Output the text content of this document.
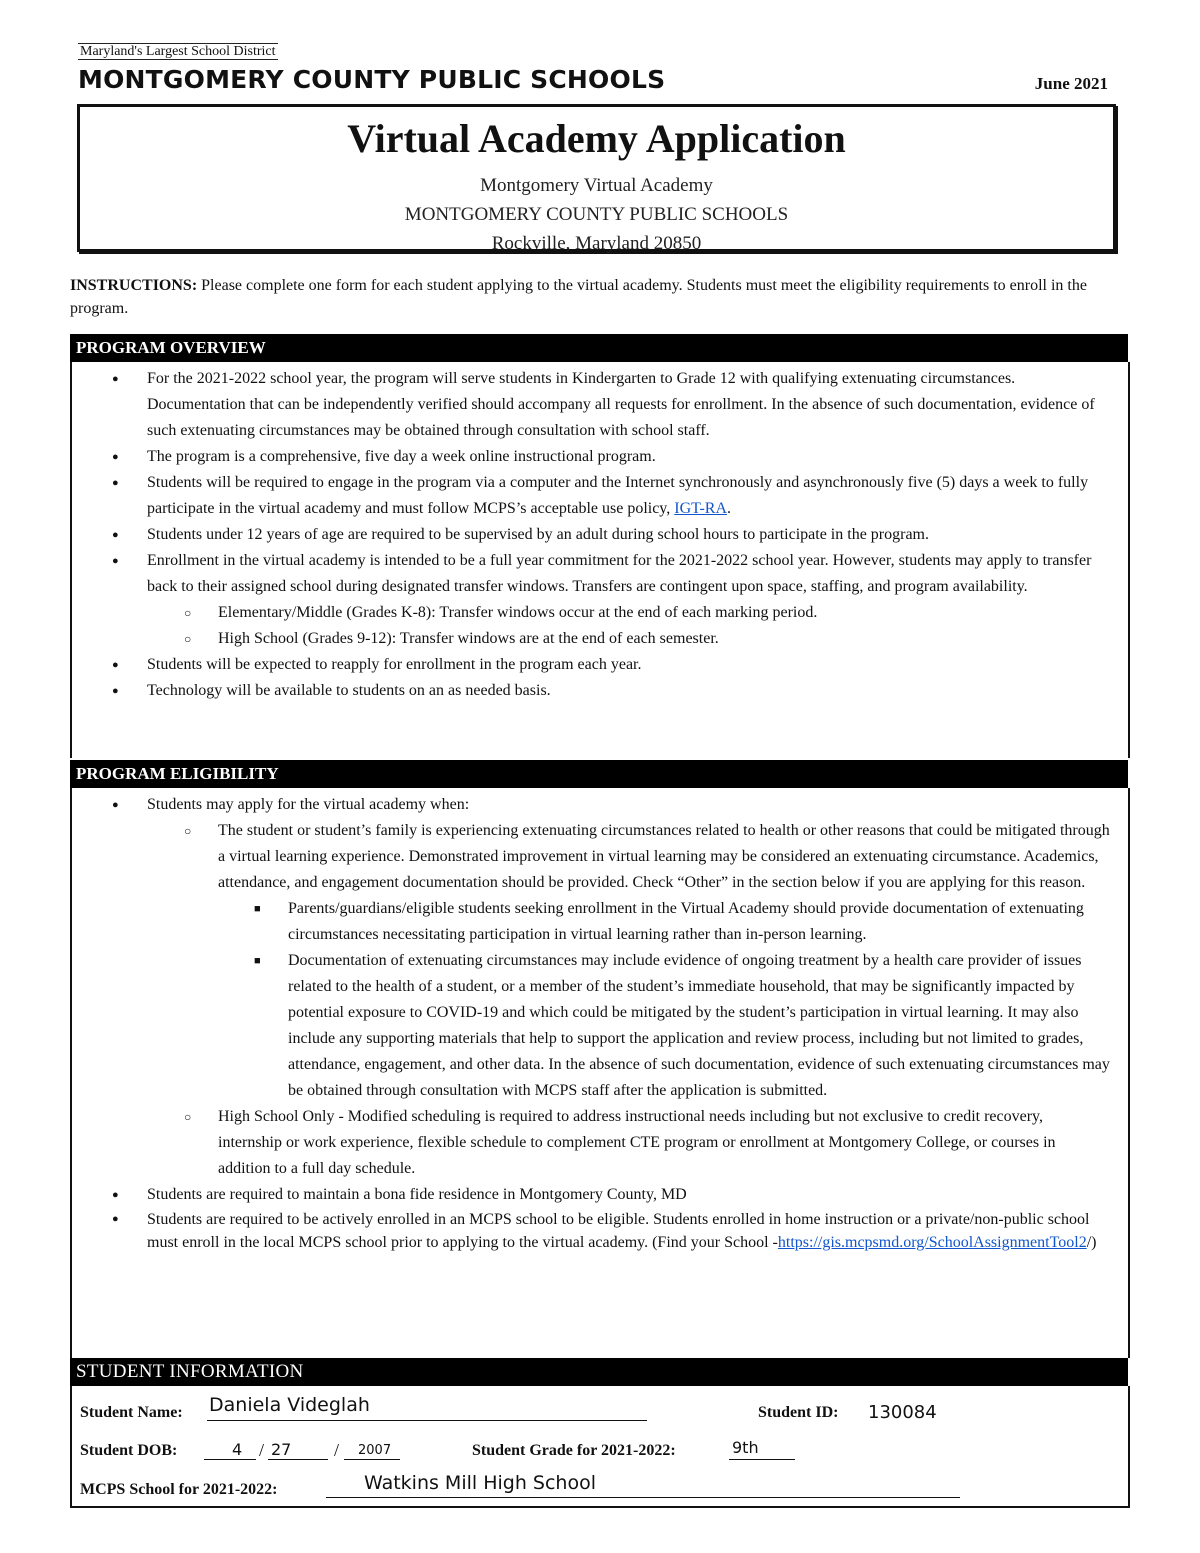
Maryland's Largest School District
MONTGOMERY COUNTY PUBLIC SCHOOLS	June 2021
Virtual Academy Application
Montgomery Virtual Academy
MONTGOMERY COUNTY PUBLIC SCHOOLS
Rockville, Maryland 20850
INSTRUCTIONS: Please complete one form for each student applying to the virtual academy. Students must meet the eligibility requirements to enroll in the program.
PROGRAM OVERVIEW
● For the 2021-2022 school year, the program will serve students in Kindergarten to Grade 12 with qualifying extenuating circumstances. Documentation that can be independently verified should accompany all requests for enrollment. In the absence of such documentation, evidence of such extenuating circumstances may be obtained through consultation with school staff.
● The program is a comprehensive, five day a week online instructional program.
● Students will be required to engage in the program via a computer and the Internet synchronously and asynchronously five (5) days a week to fully participate in the virtual academy and must follow MCPS’s acceptable use policy, IGT-RA.
● Students under 12 years of age are required to be supervised by an adult during school hours to participate in the program.
● Enrollment in the virtual academy is intended to be a full year commitment for the 2021-2022 school year. However, students may apply to transfer back to their assigned school during designated transfer windows. Transfers are contingent upon space, staffing, and program availability.
○ Elementary/Middle (Grades K-8): Transfer windows occur at the end of each marking period.
○ High School (Grades 9-12): Transfer windows are at the end of each semester.
● Students will be expected to reapply for enrollment in the program each year.
● Technology will be available to students on an as needed basis.
PROGRAM ELIGIBILITY
● Students may apply for the virtual academy when:
○ The student or student’s family is experiencing extenuating circumstances related to health or other reasons that could be mitigated through a virtual learning experience. Demonstrated improvement in virtual learning may be considered an extenuating circumstance. Academics, attendance, and engagement documentation should be provided. Check “Other” in the section below if you are applying for this reason.
■ Parents/guardians/eligible students seeking enrollment in the Virtual Academy should provide documentation of extenuating circumstances necessitating participation in virtual learning rather than in-person learning.
■ Documentation of extenuating circumstances may include evidence of ongoing treatment by a health care provider of issues related to the health of a student, or a member of the student’s immediate household, that may be significantly impacted by potential exposure to COVID-19 and which could be mitigated by the student’s participation in virtual learning. It may also include any supporting materials that help to support the application and review process, including but not limited to grades, attendance, engagement, and other data. In the absence of such documentation, evidence of such extenuating circumstances may be obtained through consultation with MCPS staff after the application is submitted.
○ High School Only - Modified scheduling is required to address instructional needs including but not exclusive to credit recovery, internship or work experience, flexible schedule to complement CTE program or enrollment at Montgomery College, or courses in addition to a full day schedule.
● Students are required to maintain a bona fide residence in Montgomery County, MD
● Students are required to be actively enrolled in an MCPS school to be eligible. Students enrolled in home instruction or a private/non-public school must enroll in the local MCPS school prior to applying to the virtual academy. (Find your School -https://gis.mcpsmd.org/SchoolAssignmentTool2/)
STUDENT INFORMATION
Student Name: Daniela Videglah	Student ID: 130084
Student DOB:	4 / 27 / 2007	Student Grade for 2021-2022:	9th
MCPS School for 2021-2022:	Watkins Mill High School
